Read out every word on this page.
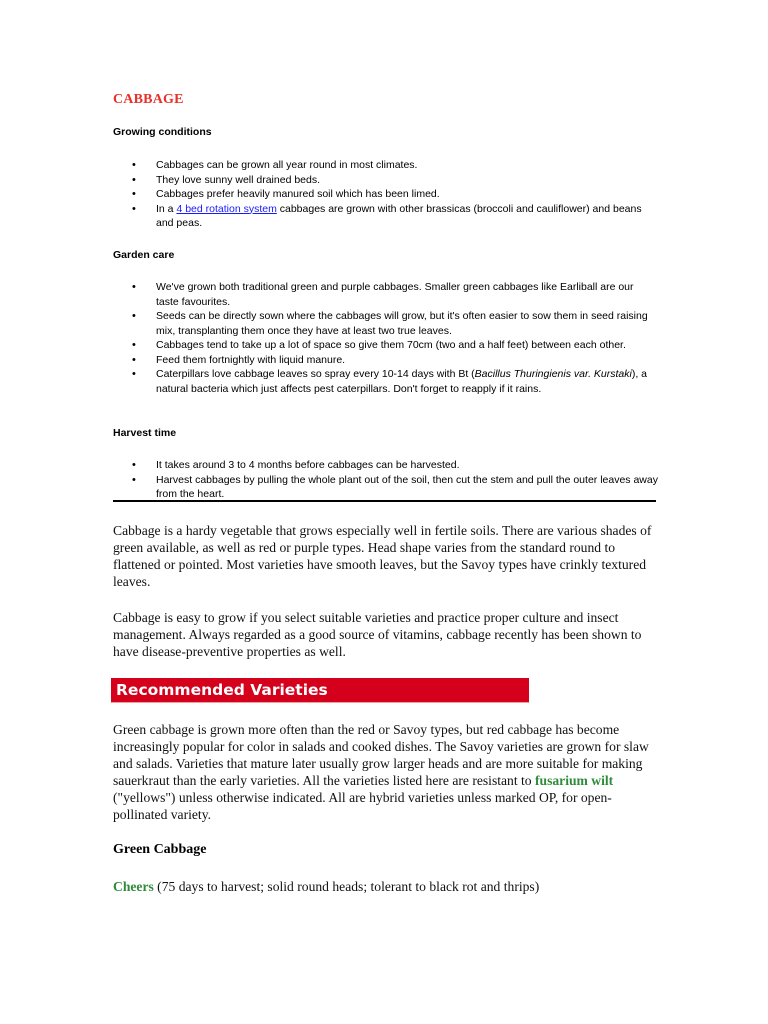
CABBAGE
Growing conditions
• Cabbages can be grown all year round in most climates.
• They love sunny well drained beds.
• Cabbages prefer heavily manured soil which has been limed.
• In a 4 bed rotation system cabbages are grown with other brassicas (broccoli and cauliflower) and beans and peas.
Garden care
• We've grown both traditional green and purple cabbages. Smaller green cabbages like Earliball are our taste favourites.
• Seeds can be directly sown where the cabbages will grow, but it's often easier to sow them in seed raising mix, transplanting them once they have at least two true leaves.
• Cabbages tend to take up a lot of space so give them 70cm (two and a half feet) between each other.
• Feed them fortnightly with liquid manure.
• Caterpillars love cabbage leaves so spray every 10-14 days with Bt (Bacillus Thuringienis var. Kurstaki), a natural bacteria which just affects pest caterpillars. Don't forget to reapply if it rains.
Harvest time
• It takes around 3 to 4 months before cabbages can be harvested.
• Harvest cabbages by pulling the whole plant out of the soil, then cut the stem and pull the outer leaves away from the heart.

Cabbage is a hardy vegetable that grows especially well in fertile soils. There are various shades of green available, as well as red or purple types. Head shape varies from the standard round to flattened or pointed. Most varieties have smooth leaves, but the Savoy types have crinkly textured leaves.

Cabbage is easy to grow if you select suitable varieties and practice proper culture and insect management. Always regarded as a good source of vitamins, cabbage recently has been shown to have disease-preventive properties as well.

Recommended Varieties

Green cabbage is grown more often than the red or Savoy types, but red cabbage has become increasingly popular for color in salads and cooked dishes. The Savoy varieties are grown for slaw and salads. Varieties that mature later usually grow larger heads and are more suitable for making sauerkraut than the early varieties. All the varieties listed here are resistant to fusarium wilt ("yellows") unless otherwise indicated. All are hybrid varieties unless marked OP, for open-pollinated variety.

Green Cabbage

Cheers (75 days to harvest; solid round heads; tolerant to black rot and thrips)
